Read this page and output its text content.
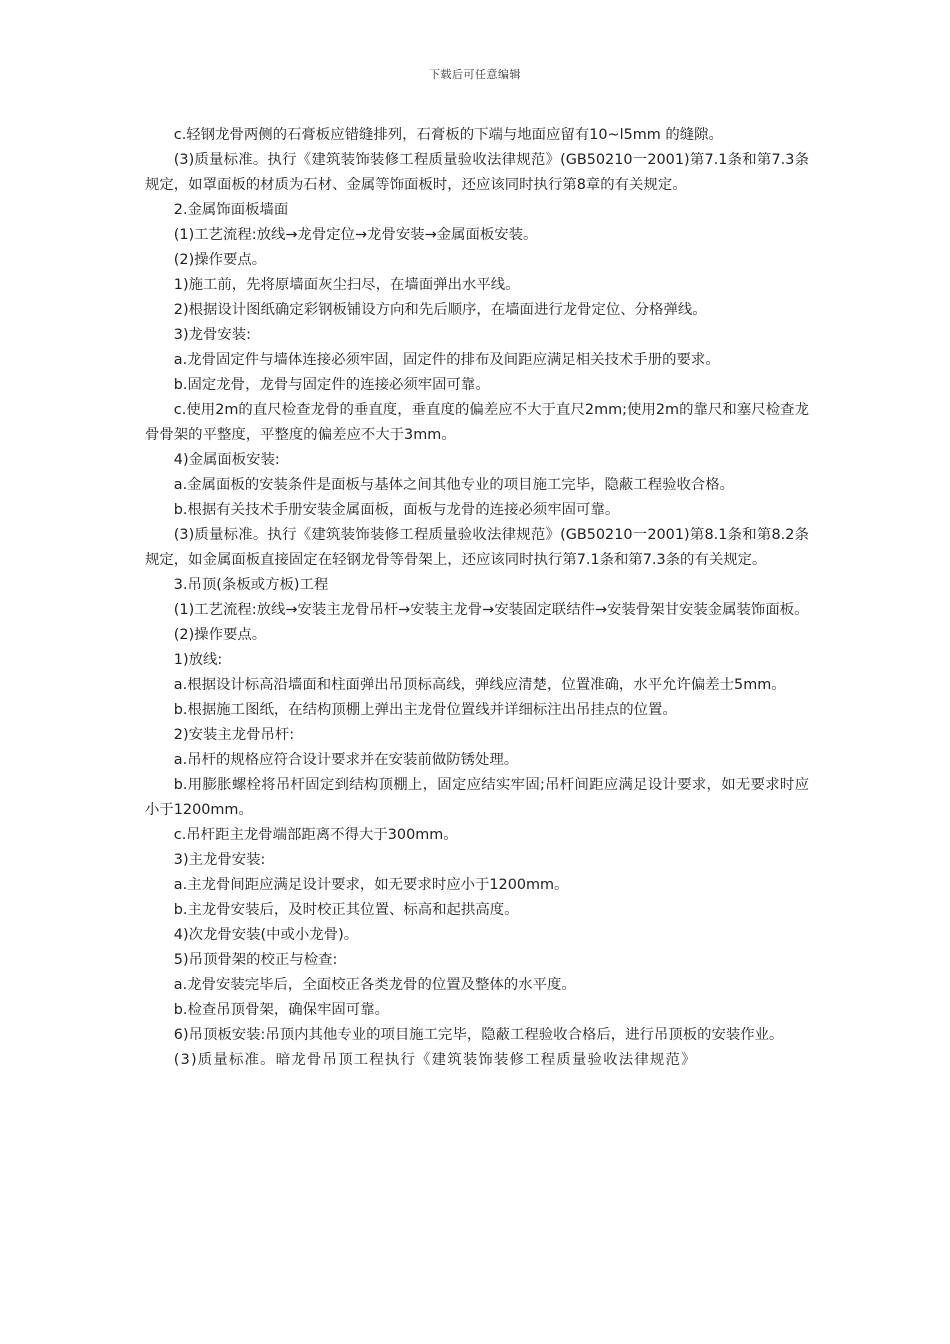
下载后可任意编辑

c.轻钢龙骨两侧的石膏板应错缝排列，石膏板的下端与地面应留有10~l5mm 的缝隙。

(3)质量标准。执行《建筑装饰装修工程质量验收法律规范》(GB50210一2001)第7.1条和第7.3条规定，如罩面板的材质为石材、金属等饰面板时，还应该同时执行第8章的有关规定。

2.金属饰面板墙面

(1)工艺流程:放线→龙骨定位→龙骨安装→金属面板安装。

(2)操作要点。

1)施工前，先将原墙面灰尘扫尽，在墙面弹出水平线。

2)根据设计图纸确定彩钢板铺设方向和先后顺序，在墙面进行龙骨定位、分格弹线。

3)龙骨安装:

a.龙骨固定件与墙体连接必须牢固，固定件的排布及间距应满足相关技术手册的要求。

b.固定龙骨，龙骨与固定件的连接必须牢固可靠。

c.使用2m的直尺检查龙骨的垂直度，垂直度的偏差应不大于直尺2mm;使用2m的靠尺和塞尺检查龙骨骨架的平整度，平整度的偏差应不大于3mm。

4)金属面板安装:

a.金属面板的安装条件是面板与基体之间其他专业的项目施工完毕，隐蔽工程验收合格。

b.根据有关技术手册安装金属面板，面板与龙骨的连接必须牢固可靠。

(3)质量标准。执行《建筑装饰装修工程质量验收法律规范》(GB50210一2001)第8.1条和第8.2条规定，如金属面板直接固定在轻钢龙骨等骨架上，还应该同时执行第7.1条和第7.3条的有关规定。

3.吊顶(条板或方板)工程

(1)工艺流程:放线→安装主龙骨吊杆→安装主龙骨→安装固定联结件→安装骨架甘安装金属装饰面板。

(2)操作要点。

1)放线:

a.根据设计标高沿墙面和柱面弹出吊顶标高线，弹线应清楚，位置准确，水平允许偏差士5mm。

b.根据施工图纸，在结构顶棚上弹出主龙骨位置线并详细标注出吊挂点的位置。

2)安装主龙骨吊杆:

a.吊杆的规格应符合设计要求并在安装前做防锈处理。

b.用膨胀螺栓将吊杆固定到结构顶棚上，固定应结实牢固;吊杆间距应满足设计要求，如无要求时应小于1200mm。

c.吊杆距主龙骨端部距离不得大于300mm。

3)主龙骨安装:

a.主龙骨间距应满足设计要求，如无要求时应小于1200mm。

b.主龙骨安装后，及时校正其位置、标高和起拱高度。

4)次龙骨安装(中或小龙骨)。

5)吊顶骨架的校正与检查:

a.龙骨安装完毕后，全面校正各类龙骨的位置及整体的水平度。

b.检查吊顶骨架，确保牢固可靠。

6)吊顶板安装:吊顶内其他专业的项目施工完毕，隐蔽工程验收合格后，进行吊顶板的安装作业。

(3)质量标准。暗龙骨吊顶工程执行《建筑装饰装修工程质量验收法律规范》
